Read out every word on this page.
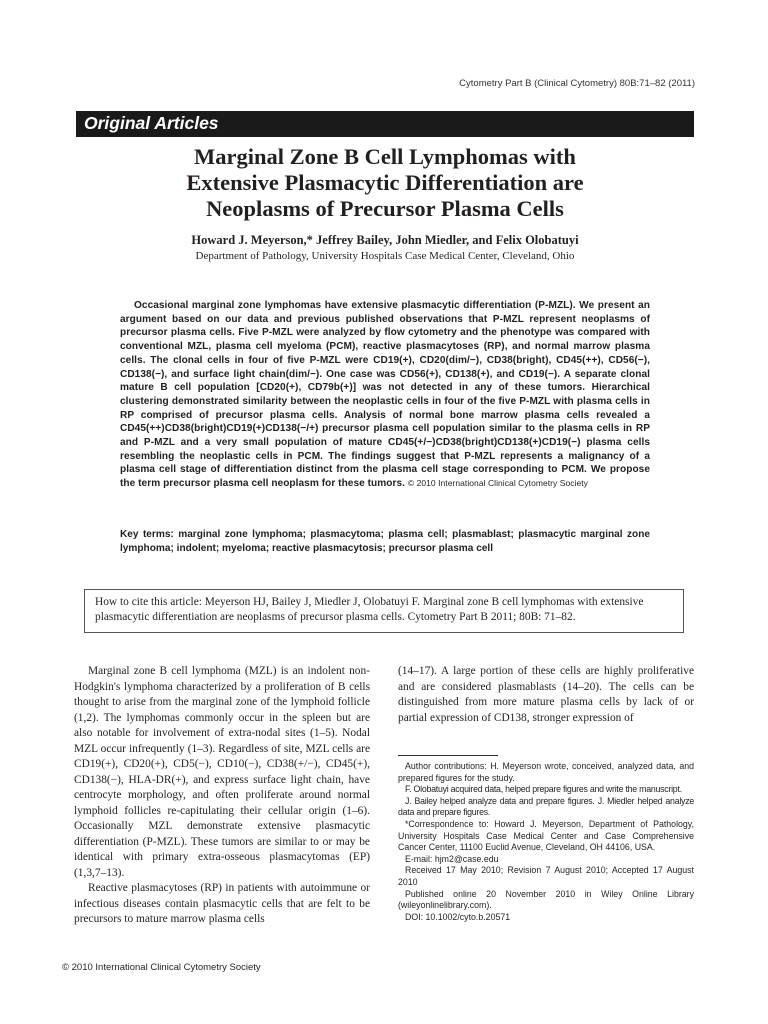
Cytometry Part B (Clinical Cytometry) 80B:71–82 (2011)
Original Articles
Marginal Zone B Cell Lymphomas with
Extensive Plasmacytic Differentiation are
Neoplasms of Precursor Plasma Cells
Howard J. Meyerson,* Jeffrey Bailey, John Miedler, and Felix Olobatuyi
Department of Pathology, University Hospitals Case Medical Center, Cleveland, Ohio
Occasional marginal zone lymphomas have extensive plasmacytic differentiation (P-MZL). We present an argument based on our data and previous published observations that P-MZL represent neoplasms of precursor plasma cells. Five P-MZL were analyzed by flow cytometry and the phenotype was compared with conventional MZL, plasma cell myeloma (PCM), reactive plasmacytoses (RP), and normal marrow plasma cells. The clonal cells in four of five P-MZL were CD19(+), CD20(dim/−), CD38(bright), CD45(++), CD56(−), CD138(−), and surface light chain(dim/−). One case was CD56(+), CD138(+), and CD19(−). A separate clonal mature B cell population [CD20(+), CD79b(+)] was not detected in any of these tumors. Hierarchical clustering demonstrated similarity between the neoplastic cells in four of the five P-MZL with plasma cells in RP comprised of precursor plasma cells. Analysis of normal bone marrow plasma cells revealed a CD45(++)CD38(bright)CD19(+)CD138(−/+) precursor plasma cell population similar to the plasma cells in RP and P-MZL and a very small population of mature CD45(+/−)CD38(bright)CD138(+)CD19(−) plasma cells resembling the neoplastic cells in PCM. The findings suggest that P-MZL represents a malignancy of a plasma cell stage of differentiation distinct from the plasma cell stage corresponding to PCM. We propose the term precursor plasma cell neoplasm for these tumors. © 2010 International Clinical Cytometry Society
Key terms: marginal zone lymphoma; plasmacytoma; plasma cell; plasmablast; plasmacytic marginal zone lymphoma; indolent; myeloma; reactive plasmacytosis; precursor plasma cell
How to cite this article: Meyerson HJ, Bailey J, Miedler J, Olobatuyi F. Marginal zone B cell lymphomas with extensive plasmacytic differentiation are neoplasms of precursor plasma cells. Cytometry Part B 2011; 80B: 71–82.

Marginal zone B cell lymphoma (MZL) is an indolent non-Hodgkin's lymphoma characterized by a proliferation of B cells thought to arise from the marginal zone of the lymphoid follicle (1,2). The lymphomas commonly occur in the spleen but are also notable for involvement of extra-nodal sites (1–5). Nodal MZL occur infrequently (1–3). Regardless of site, MZL cells are CD19(+), CD20(+), CD5(−), CD10(−), CD38(+/−), CD45(+), CD138(−), HLA-DR(+), and express surface light chain, have centrocyte morphology, and often proliferate around normal lymphoid follicles re-capitulating their cellular origin (1–6). Occasionally MZL demonstrate extensive plasmacytic differentiation (P-MZL). These tumors are similar to or may be identical with primary extra-osseous plasmacytomas (EP) (1,3,7–13).

Reactive plasmacytoses (RP) in patients with autoimmune or infectious diseases contain plasmacytic cells that are felt to be precursors to mature marrow plasma cells

(14–17). A large portion of these cells are highly proliferative and are considered plasmablasts (14–20). The cells can be distinguished from more mature plasma cells by lack of or partial expression of CD138, stronger expression of

Author contributions: H. Meyerson wrote, conceived, analyzed data, and prepared figures for the study.

F. Olobatuyi acquired data, helped prepare figures and write the manuscript.

J. Bailey helped analyze data and prepare figures. J. Miedler helped analyze data and prepare figures.

*Correspondence to: Howard J. Meyerson, Department of Pathology, University Hospitals Case Medical Center and Case Comprehensive Cancer Center, 11100 Euclid Avenue, Cleveland, OH 44106, USA.

E-mail: hjm2@case.edu

Received 17 May 2010; Revision 7 August 2010; Accepted 17 August 2010

Published online 20 November 2010 in Wiley Online Library (wileyonlinelibrary.com).

DOI: 10.1002/cyto.b.20571

© 2010 International Clinical Cytometry Society
